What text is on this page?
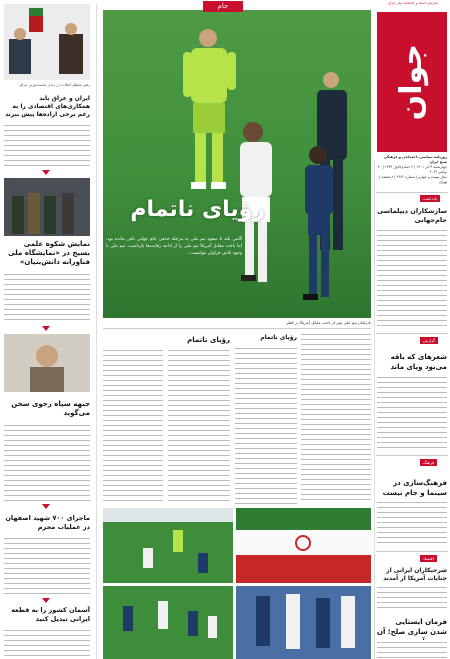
سازمان اسناد و کتابخانه ملی ایران
جوان
روزنامه سیاسی، اجتماعی و فرهنگی صبح ایران
چهارشنبه ۹ آذر ۱۴۰۱ | ۴ جمادی‌الاول ۱۴۴۴ | ۳۰ نوامبر ۲۰۲۲
سال بیست و چهارم | شماره ۶۶۲۲ | ۸ صفحه | تهران
یادداشت
سازشکاران دیپلماسی جام‌جهانی
گزارش
شعرهای که باقه می‌بود وپای ماند
فرهنگ
فرهنگ‌سازی در سینما و جام نیست
اقتصاد
شرحبکاران ایرانی از جنایات آمریکا از آمدند
فرمان ایستایی شدن سازی صلح؛ آن
جام
رؤیای ناتمام
گامی بلند تا صعود تیم ملی به مرحله حذفی جام جهانی باقی مانده بود، اما باخت مقابل آمریکا تیم ملی را از ادامه رقابت‌ها بازداشت. تیم ملی با وجود تلاش فراوان نتوانست...
بازیکنان تیم ملی پس از باخت مقابل آمریکا در قطر
رؤیای ناتمام
رؤیای ناتمام
رهبر معظم انقلاب در دیدار نخست‌وزیر عراق
ایران و عراق باید همکاری‌های اقتصادی را به رغم برخی اراده‌ها پیش ببرند
نمایش شکوه علمی بسیج در «نمایشگاه ملی فناورانه دانش‌بنیان»
جبهه سپاه رجوی سخن می‌گوید
ماجرای ۷۰۰ شهید اصفهان در عملیات محرم
آسمان کشور را به قطعه ایرانی تبدیل کنید
